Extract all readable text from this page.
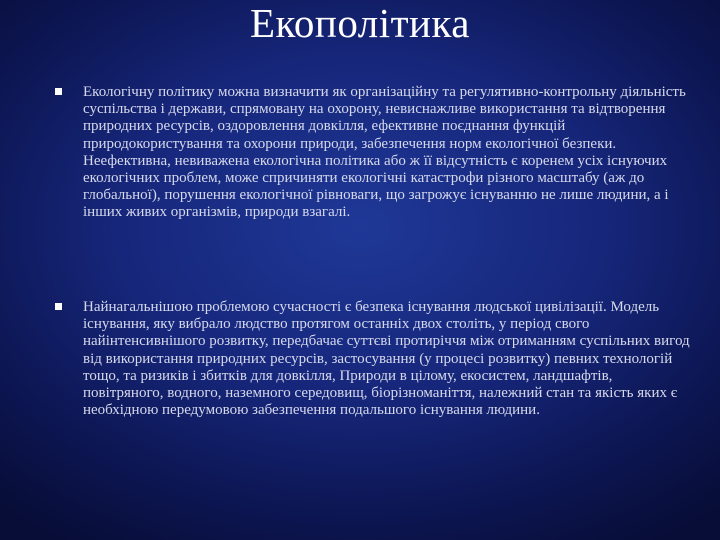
Екополітика
Екологічну політику можна визначити як організаційну та регулятивно-контрольну діяльність суспільства і держави, спрямовану на охорону, невиснажливе використання та відтворення природних ресурсів, оздоровлення довкілля, ефективне поєднання функцій природокористування та охорони природи, забезпечення норм екологічної безпеки. Неефективна, невиважена екологічна політика або ж її відсутність є коренем усіх існуючих екологічних проблем, може спричиняти екологічні катастрофи різного масштабу (аж до глобальної), порушення екологічної рівноваги, що загрожує існуванню не лише людини, а і інших живих організмів, природи взагалі.
Найнагальнішою проблемою сучасності є безпека існування людської цивілізації. Модель існування, яку вибрало людство протягом останніх двох століть, у період свого найінтенсивнішого розвитку, передбачає суттєві протиріччя між отриманням суспільних вигод від використання природних ресурсів, застосування (у процесі розвитку) певних технологій тощо, та ризиків і збитків для довкілля, Природи в цілому, екосистем, ландшафтів, повітряного, водного, наземного середовищ, біорізноманіття, належний стан та якість яких є необхідною передумовою забезпечення подальшого існування людини.
